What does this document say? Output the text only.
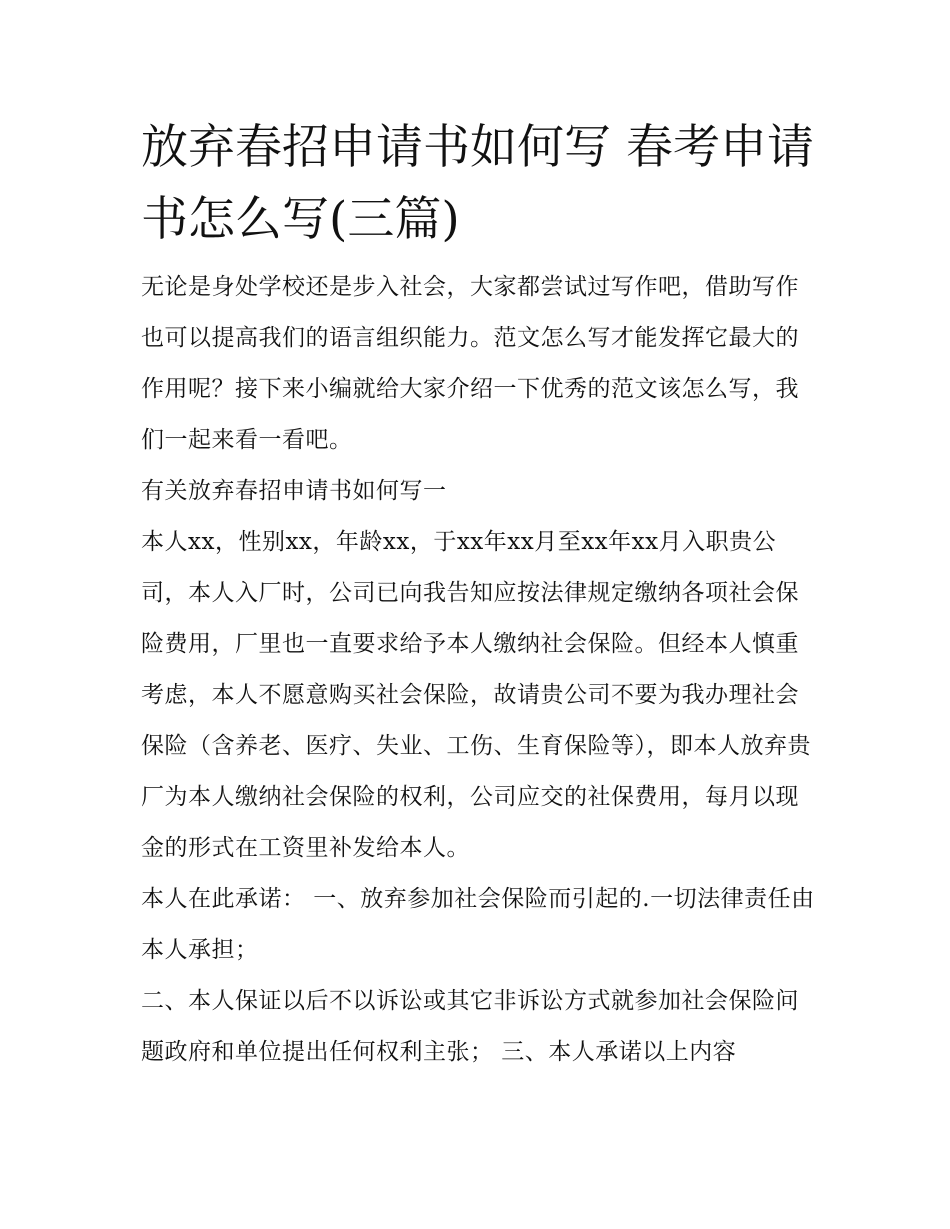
放弃春招申请书如何写 春考申请书怎么写(三篇)

无论是身处学校还是步入社会，大家都尝试过写作吧，借助写作也可以提高我们的语言组织能力。范文怎么写才能发挥它最大的作用呢？接下来小编就给大家介绍一下优秀的范文该怎么写，我们一起来看一看吧。

有关放弃春招申请书如何写一

本人xx，性别xx，年龄xx，于xx年xx月至xx年xx月入职贵公司，本人入厂时，公司已向我告知应按法律规定缴纳各项社会保险费用，厂里也一直要求给予本人缴纳社会保险。但经本人慎重考虑，本人不愿意购买社会保险，故请贵公司不要为我办理社会保险（含养老、医疗、失业、工伤、生育保险等），即本人放弃贵厂为本人缴纳社会保险的权利，公司应交的社保费用，每月以现金的形式在工资里补发给本人。

本人在此承诺： 一、放弃参加社会保险而引起的.一切法律责任由本人承担；

二、本人保证以后不以诉讼或其它非诉讼方式就参加社会保险问题政府和单位提出任何权利主张； 三、本人承诺以上内容
